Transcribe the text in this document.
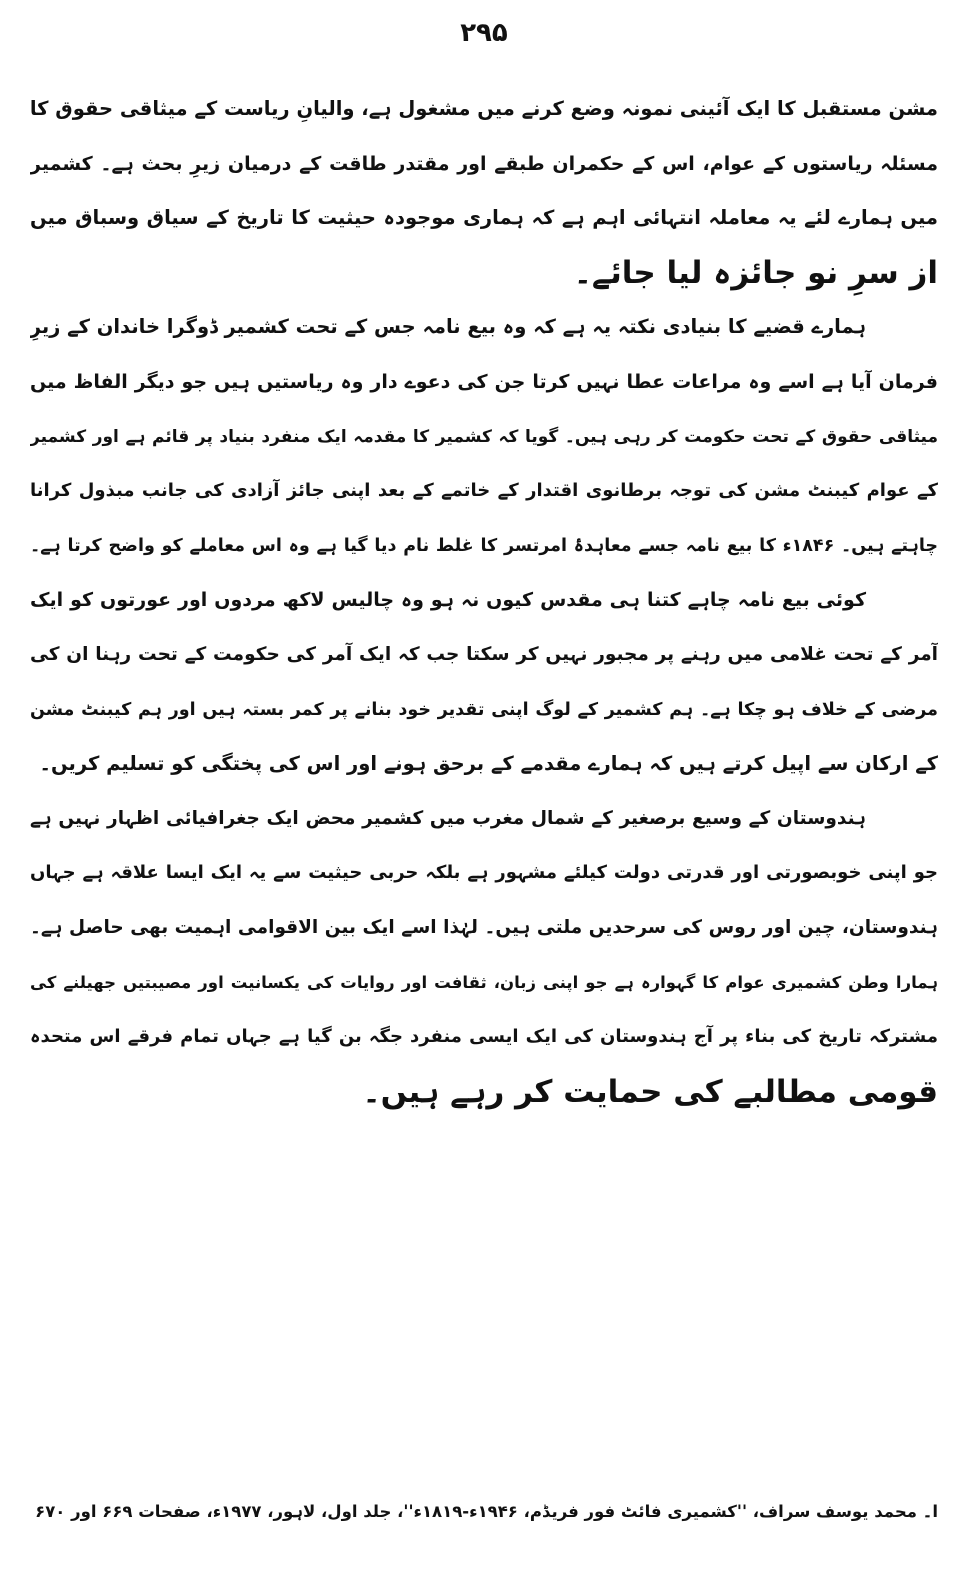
۲۹۵
مشن مستقبل کا ایک آئینی نمونہ وضع کرنے میں مشغول ہے، والیانِ ریاست کے میثاقی حقوق کا
مسئلہ ریاستوں کے عوام، اس کے حکمران طبقے اور مقتدر طاقت کے درمیان زیرِ بحث ہے۔ کشمیر
میں ہمارے لئے یہ معاملہ انتہائی اہم ہے کہ ہماری موجودہ حیثیت کا تاریخ کے سیاق وسباق میں
از سرِ نو جائزہ لیا جائے۔
ہمارے قضیے کا بنیادی نکتہ یہ ہے کہ وہ بیع نامہ جس کے تحت کشمیر ڈوگرا خاندان کے زیرِ
فرمان آیا ہے اسے وہ مراعات عطا نہیں کرتا جن کی دعوے دار وہ ریاستیں ہیں جو دیگر الفاظ میں
میثاقی حقوق کے تحت حکومت کر رہی ہیں۔ گویا کہ کشمیر کا مقدمہ ایک منفرد بنیاد پر قائم ہے اور کشمیر
کے عوام کیبنٹ مشن کی توجہ برطانوی اقتدار کے خاتمے کے بعد اپنی جائز آزادی کی جانب مبذول کرانا
چاہتے ہیں۔ ۱۸۴۶ء کا بیع نامہ جسے معاہدۂ امرتسر کا غلط نام دیا گیا ہے وہ اس معاملے کو واضح کرتا ہے۔
کوئی بیع نامہ چاہے کتنا ہی مقدس کیوں نہ ہو وہ چالیس لاکھ مردوں اور عورتوں کو ایک
آمر کے تحت غلامی میں رہنے پر مجبور نہیں کر سکتا جب کہ ایک آمر کی حکومت کے تحت رہنا ان کی
مرضی کے خلاف ہو چکا ہے۔ ہم کشمیر کے لوگ اپنی تقدیر خود بنانے پر کمر بستہ ہیں اور ہم کیبنٹ مشن
کے ارکان سے اپیل کرتے ہیں کہ ہمارے مقدمے کے برحق ہونے اور اس کی پختگی کو تسلیم کریں۔
ہندوستان کے وسیع برصغیر کے شمال مغرب میں کشمیر محض ایک جغرافیائی اظہار نہیں ہے
جو اپنی خوبصورتی اور قدرتی دولت کیلئے مشہور ہے بلکہ حربی حیثیت سے یہ ایک ایسا علاقہ ہے جہاں
ہندوستان، چین اور روس کی سرحدیں ملتی ہیں۔ لہٰذا اسے ایک بین الاقوامی اہمیت بھی حاصل ہے۔
ہمارا وطن کشمیری عوام کا گہوارہ ہے جو اپنی زبان، ثقافت اور روایات کی یکسانیت اور مصیبتیں جھیلنے کی
مشترکہ تاریخ کی بناء پر آج ہندوستان کی ایک ایسی منفرد جگہ بن گیا ہے جہاں تمام فرقے اس متحدہ
قومی مطالبے کی حمایت کر رہے ہیں۔
ا۔ محمد یوسف سراف، ''کشمیری فائٹ فور فریڈم، ۱۹۴۶ء-۱۸۱۹ء''، جلد اول، لاہور، ۱۹۷۷ء، صفحات ۶۶۹ اور ۶۷۰
